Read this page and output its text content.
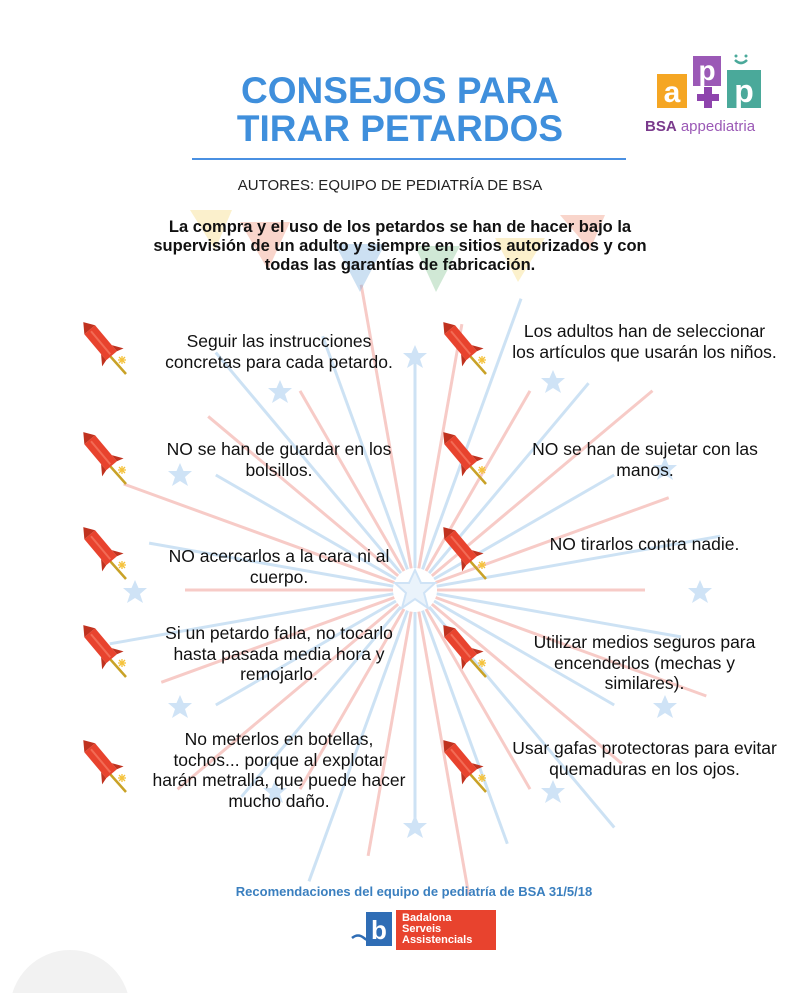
a
p
p
BSA appediatria
CONSEJOS PARA
TIRAR PETARDOS
AUTORES: EQUIPO DE PEDIATRÍA DE BSA
La compra y el uso de los petardos se han de hacer bajo la supervisión de un adulto y siempre en sitios autorizados y con todas las garantías de fabricación.
Seguir las instrucciones concretas para cada petardo.
NO se han de guardar en los bolsillos.
NO acercarlos a la cara ni al cuerpo.
Si un petardo falla, no tocarlo hasta pasada media hora y remojarlo.
No meterlos en botellas, tochos... porque al explotar harán metralla, que puede hacer mucho daño.
Los adultos han de seleccionar los artículos que usarán los niños.
NO se han de sujetar con las manos.
NO tirarlos contra nadie.
Utilizar medios seguros para encenderlos (mechas y similares).
Usar gafas protectoras para evitar quemaduras en los ojos.
Recomendaciones del equipo de pediatría de BSA 31/5/18
b	Badalona
Serveis
Assistencials
